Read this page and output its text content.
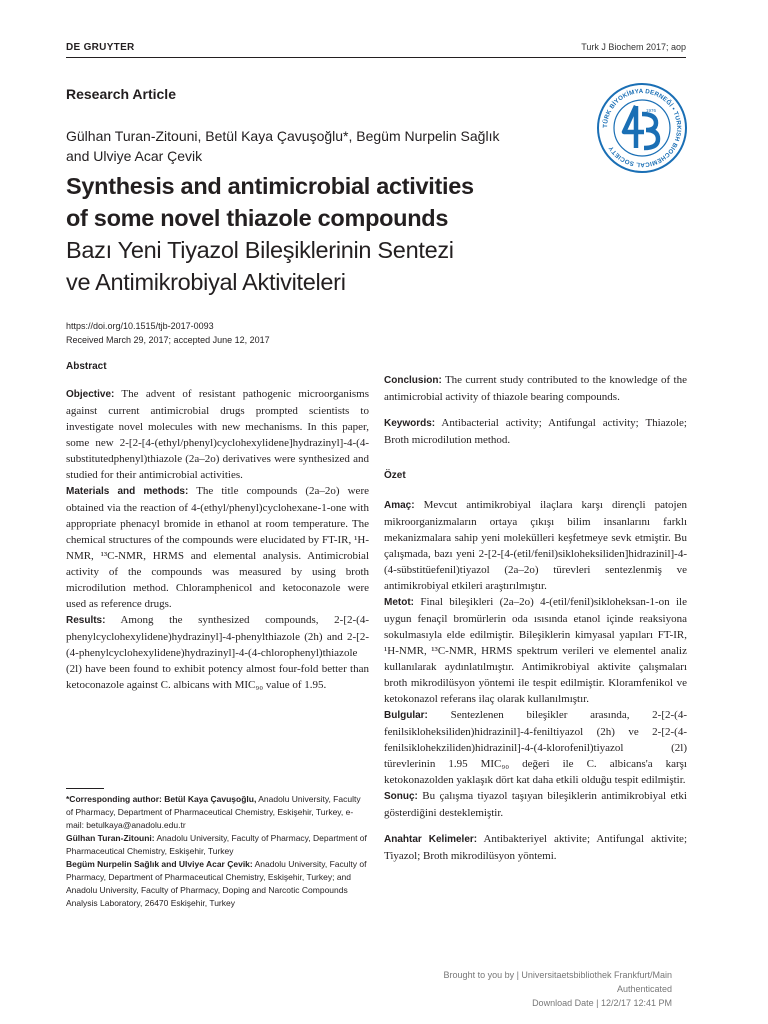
DE GRUYTER	Turk J Biochem 2017; aop
TÜRK BİYOKİMYA DERNEĞİ • TURKISH BIOCHEMICAL SOCIETY
1976
Research Article
Gülhan Turan-Zitouni, Betül Kaya Çavuşoğlu*, Begüm Nurpelin Sağlık
and Ulviye Acar Çevik
Synthesis and antimicrobial activities
of some novel thiazole compounds
Bazı Yeni Tiyazol Bileşiklerinin Sentezi
ve Antimikrobiyal Aktiviteleri

https://doi.org/10.1515/tjb-2017-0093

Received March 29, 2017; accepted June 12, 2017

Abstract

Objective: The advent of resistant pathogenic microorganisms against current antimicrobial drugs prompted scientists to investigate novel molecules with new mechanisms. In this paper, some new 2-[2-[4-(ethyl/phenyl)cyclohexylidene]hydrazinyl]-4-(4-substitutedphenyl)thiazole (2a–2o) derivatives were synthesized and studied for their antimicrobial activities.

Materials and methods: The title compounds (2a–2o) were obtained via the reaction of 4-(ethyl/phenyl)cyclohexane-1-one with appropriate phenacyl bromide in ethanol at room temperature. The chemical structures of the compounds were elucidated by FT-IR, ¹H-NMR, ¹³C-NMR, HRMS and elemental analysis. Antimicrobial activity of the compounds was measured by using broth microdilution method. Chloramphenicol and ketoconazole were used as reference drugs.

Results: Among the synthesized compounds, 2-[2-(4-phenylcyclohexylidene)hydrazinyl]-4-phenylthiazole (2h) and 2-[2-(4-phenylcyclohexylidene)hydrazinyl]-4-(4-chlorophenyl)thiazole (2l) have been found to exhibit potency almost four-fold better than ketoconazole against C. albicans with MIC₉₀ value of 1.95.

Conclusion: The current study contributed to the knowledge of the antimicrobial activity of thiazole bearing compounds.

Keywords: Antibacterial activity; Antifungal activity; Thiazole; Broth microdilution method.

Özet

Amaç: Mevcut antimikrobiyal ilaçlara karşı dirençli patojen mikroorganizmaların ortaya çıkışı bilim insanlarını farklı mekanizmalara sahip yeni molekülleri keşfetmeye sevk etmiştir. Bu çalışmada, bazı yeni 2-[2-[4-(etil/fenil)sikloheksiliden]hidrazinil]-4-(4-sübstitüefenil)tiyazol (2a–2o) türevleri sentezlenmiş ve antimikrobiyal etkileri araştırılmıştır.

Metot: Final bileşikleri (2a–2o) 4-(etil/fenil)sikloheksan-1-on ile uygun fenaçil bromürlerin oda ısısında etanol içinde reaksiyona sokulmasıyla elde edilmiştir. Bileşiklerin kimyasal yapıları FT-IR, ¹H-NMR, ¹³C-NMR, HRMS spektrum verileri ve elementel analiz kullanılarak aydınlatılmıştır. Antimikrobiyal aktivite çalışmaları broth mikrodilüsyon yöntemi ile tespit edilmiştir. Kloramfenikol ve ketokonazol referans ilaç olarak kullanılmıştır.

Bulgular: Sentezlenen bileşikler arasında, 2-[2-(4-fenilsikloheksiliden)hidrazinil]-4-feniltiyazol (2h) ve 2-[2-(4-fenilsiklohekziliden)hidrazinil]-4-(4-klorofenil)tiyazol (2l) türevlerinin 1.95 MIC₉₀ değeri ile C. albicans'a karşı ketokonazolden yaklaşık dört kat daha etkili olduğu tespit edilmiştir.

Sonuç: Bu çalışma tiyazol taşıyan bileşiklerin antimikrobiyal etki gösterdiğini desteklemiştir.

Anahtar Kelimeler: Antibakteriyel aktivite; Antifungal aktivite; Tiyazol; Broth mikrodilüsyon yöntemi.

*Corresponding author: Betül Kaya Çavuşoğlu, Anadolu University, Faculty of Pharmacy, Department of Pharmaceutical Chemistry, Eskişehir, Turkey, e-mail: betulkaya@anadolu.edu.tr

Gülhan Turan-Zitouni: Anadolu University, Faculty of Pharmacy, Department of Pharmaceutical Chemistry, Eskişehir, Turkey

Begüm Nurpelin Sağlık and Ulviye Acar Çevik: Anadolu University, Faculty of Pharmacy, Department of Pharmaceutical Chemistry, Eskişehir, Turkey; and Anadolu University, Faculty of Pharmacy, Doping and Narcotic Compounds Analysis Laboratory, 26470 Eskişehir, Turkey

Brought to you by | Universitaetsbibliothek Frankfurt/Main
Authenticated
Download Date | 12/2/17 12:41 PM
